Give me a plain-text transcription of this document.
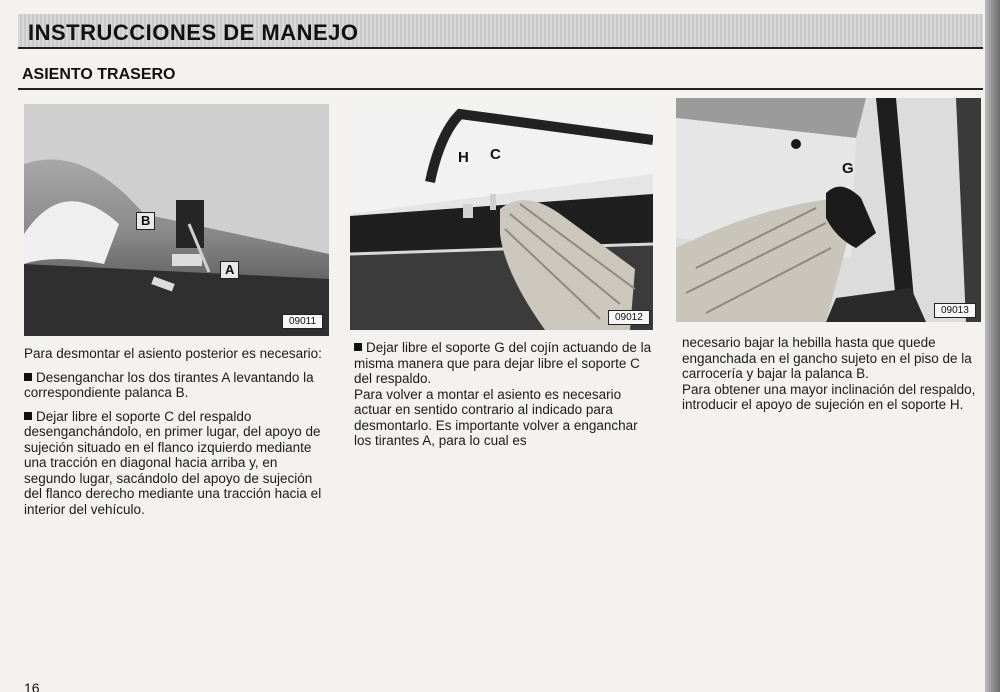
INSTRUCCIONES DE MANEJO
ASIENTO TRASERO
B
A
09011
H C
09012
G
09013

Para desmontar el asiento posterior es necesario:

Desenganchar los dos tirantes A levantando la correspondiente palanca B.

Dejar libre el soporte C del respaldo desenganchándolo, en primer lugar, del apoyo de sujeción situado en el flanco izquierdo mediante una tracción en diagonal hacia arriba y, en segundo lugar, sacándolo del apoyo de sujeción del flanco derecho mediante una tracción hacia el interior del vehículo.

Dejar libre el soporte G del cojín actuando de la misma manera que para dejar libre el soporte C del respaldo.

Para volver a montar el asiento es necesario actuar en sentido contrario al indicado para desmontarlo. Es importante volver a enganchar los tirantes A, para lo cual es

necesario bajar la hebilla hasta que quede enganchada en el gancho sujeto en el piso de la carrocería y bajar la palanca B.

Para obtener una mayor inclinación del respaldo, introducir el apoyo de sujeción en el soporte H.

16
